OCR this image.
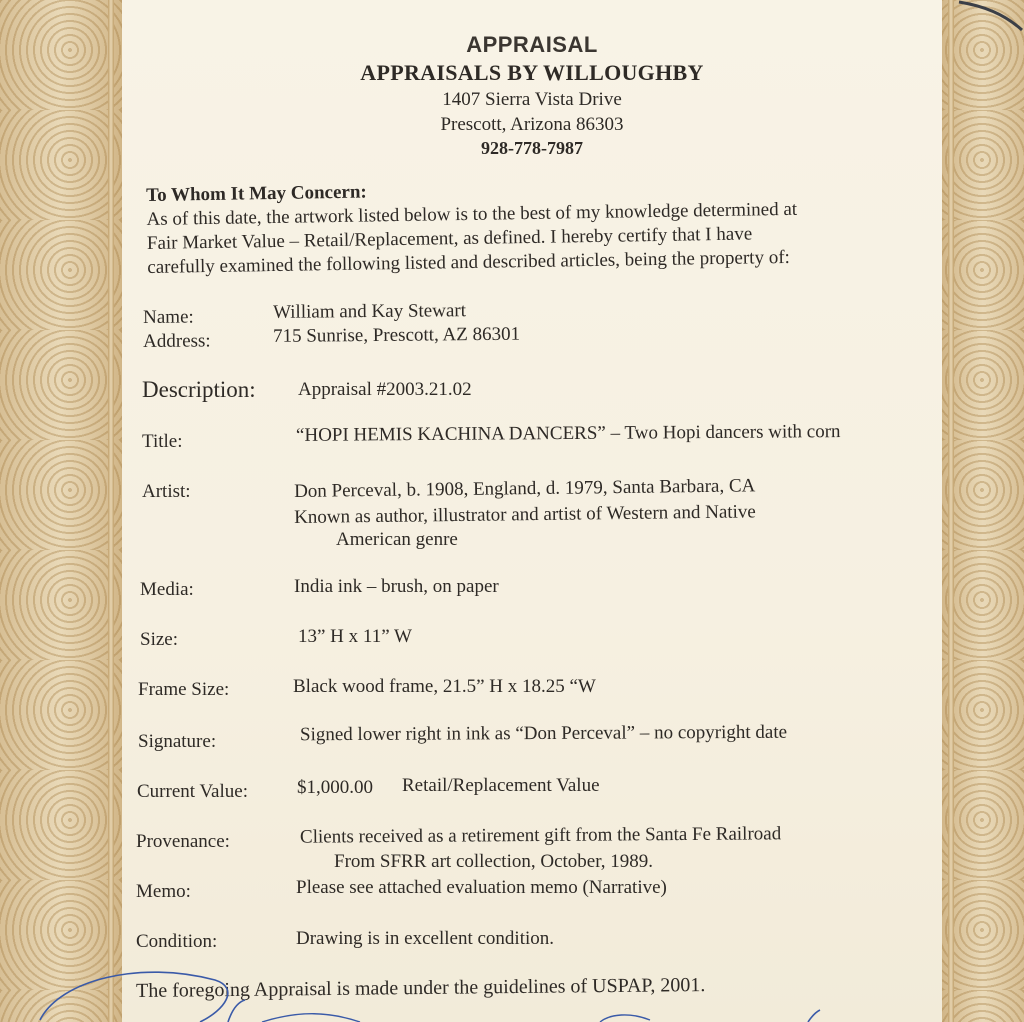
APPRAISAL
APPRAISALS BY WILLOUGHBY
1407 Sierra Vista Drive
Prescott, Arizona 86303
928-778-7987
To Whom It May Concern:
As of this date, the artwork listed below is to the best of my knowledge determined at
Fair Market Value – Retail/Replacement, as defined. I hereby certify that I have
carefully examined the following listed and described articles, being the property of:
Name:	William and Kay Stewart
Address:	715 Sunrise, Prescott, AZ 86301
Description: Appraisal #2003.21.02
Title:	“HOPI HEMIS KACHINA DANCERS” – Two Hopi dancers with corn
Artist:	Don Perceval, b. 1908, England, d. 1979, Santa Barbara, CA
Known as author, illustrator and artist of Western and Native
American genre
Media:	India ink – brush, on paper
Size:	13” H x 11” W
Frame Size:	Black wood frame, 21.5” H x 18.25 “W
Signature:	Signed lower right in ink as “Don Perceval” – no copyright date
Current Value:	$1,000.00 Retail/Replacement Value
Provenance:	Clients received as a retirement gift from the Santa Fe Railroad
From SFRR art collection, October, 1989.
Memo:	Please see attached evaluation memo (Narrative)
Condition:	Drawing is in excellent condition.
The foregoing Appraisal is made under the guidelines of USPAP, 2001.
